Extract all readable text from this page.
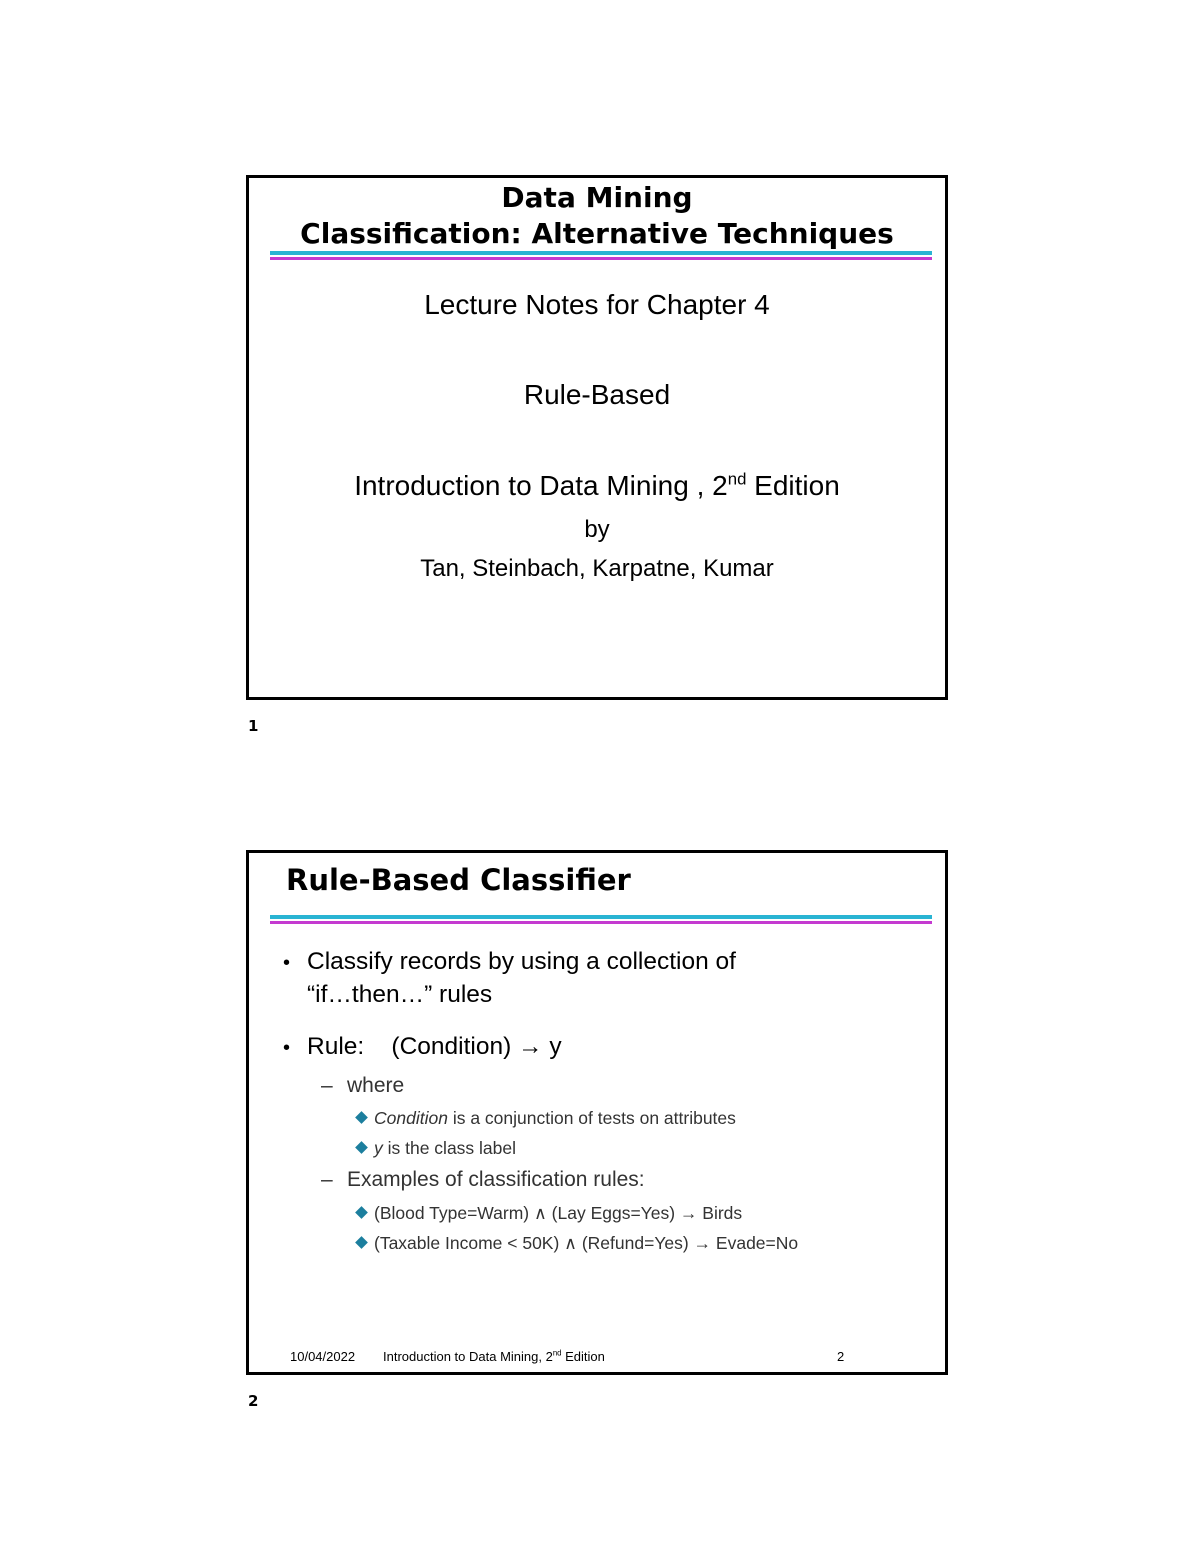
Data Mining
Classification: Alternative Techniques
Lecture Notes for Chapter 4
Rule-Based
Introduction to Data Mining , 2nd Edition
by
Tan, Steinbach, Karpatne, Kumar
1
Rule-Based Classifier
• Classify records by using a collection of
“if…then…” rules
• Rule:    (Condition) → y
– where
Condition is a conjunction of tests on attributes
y is the class label
– Examples of classification rules:
(Blood Type=Warm) ∧ (Lay Eggs=Yes) → Birds
(Taxable Income < 50K) ∧ (Refund=Yes) → Evade=No
10/04/2022 Introduction to Data Mining, 2nd Edition	2
2
